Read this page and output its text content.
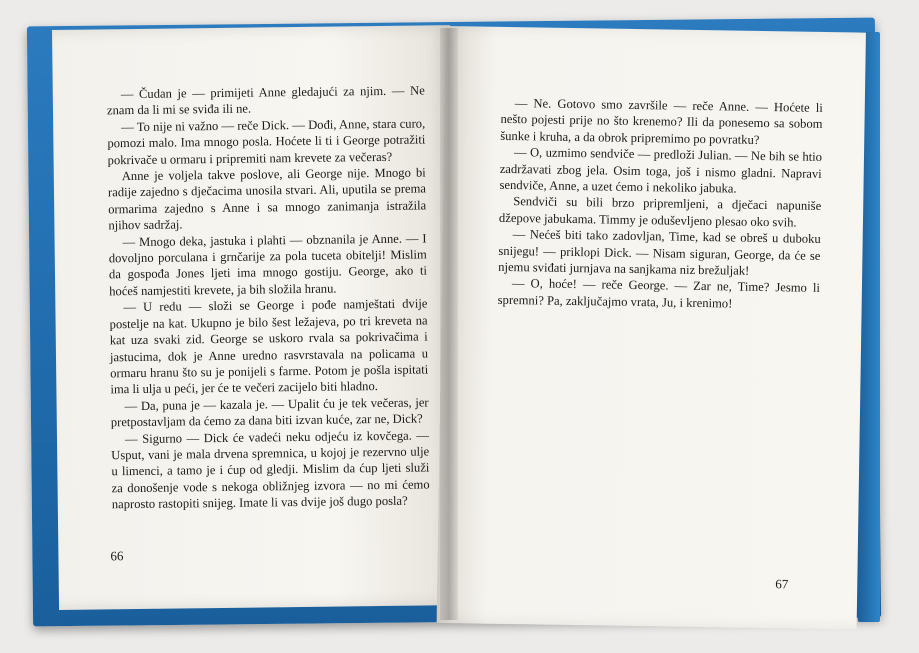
— Čudan je — primijeti Anne gledajući za njim. — Ne znam da li mi se sviđa ili ne.

— To nije ni važno — reče Dick. — Dođi, Anne, stara curo, pomozi malo. Ima mnogo posla. Hoćete li ti i George potražiti pokrivače u ormaru i pripremiti nam krevete za večeras?

Anne je voljela takve poslove, ali George nije. Mnogo bi radije zajedno s dječacima unosila stvari. Ali, uputila se prema ormarima zajedno s Anne i sa mnogo zanimanja istražila njihov sadržaj.

— Mnogo deka, jastuka i plahti — obznanila je Anne. — I dovoljno porculana i grnčarije za pola tuceta obitelji! Mislim da gospođa Jones ljeti ima mnogo gostiju. George, ako ti hoćeš namjestiti krevete, ja bih složila hranu.

— U redu — složi se George i pođe namještati dvije postelje na kat. Ukupno je bilo šest ležajeva, po tri kreveta na kat uza svaki zid. George se uskoro rvala sa pokrivačima i jastucima, dok je Anne uredno rasvrstavala na policama u ormaru hranu što su je ponijeli s farme. Potom je pošla ispitati ima li ulja u peći, jer će te večeri zacijelo biti hladno.

— Da, puna je — kazala je. — Upalit ću je tek večeras, jer pretpostavljam da ćemo za dana biti izvan kuće, zar ne, Dick?

— Sigurno — Dick će vadeći neku odjeću iz kovčega. — Usput, vani je mala drvena spremnica, u kojoj je rezervno ulje u limenci, a tamo je i ćup od gledji. Mislim da ćup ljeti služi za donošenje vode s nekoga obližnjeg izvora — no mi ćemo naprosto rastopiti snijeg. Imate li vas dvije još dugo posla?

66

— Ne. Gotovo smo završile — reče Anne. — Hoćete li nešto pojesti prije no što krenemo? Ili da ponesemo sa sobom šunke i kruha, a da obrok pripremimo po povratku?

— O, uzmimo sendviče — predloži Julian. — Ne bih se htio zadržavati zbog jela. Osim toga, još i nismo gladni. Napravi sendviče, Anne, a uzet ćemo i nekoliko jabuka.

Sendviči su bili brzo pripremljeni, a dječaci napuniše džepove jabukama. Timmy je oduševljeno plesao oko svih.

— Nećeš biti tako zadovljan, Time, kad se obreš u duboku snijegu! — priklopi Dick. — Nisam siguran, George, da će se njemu sviđati jurnjava na sanjkama niz brežuljak!

— O, hoće! — reče George. — Zar ne, Time? Jesmo li spremni? Pa, zaključajmo vrata, Ju, i krenimo!

67
